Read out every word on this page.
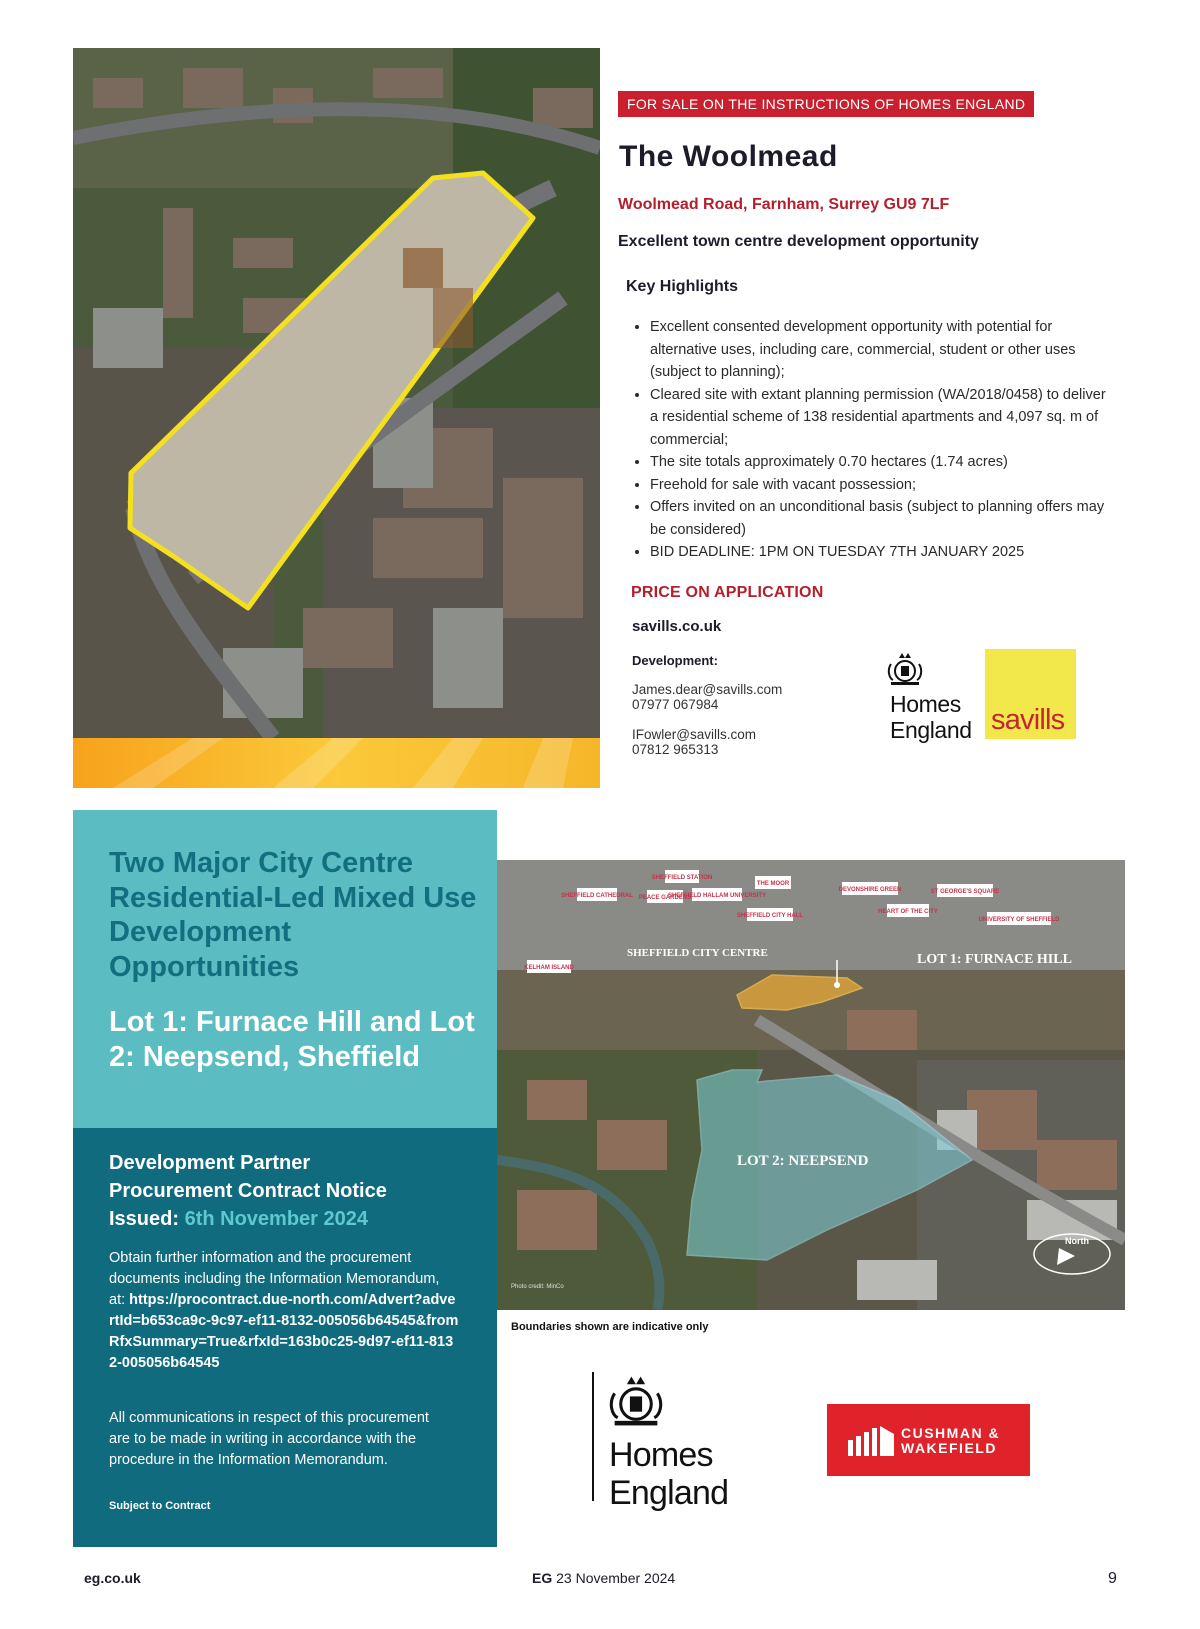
FOR SALE ON THE INSTRUCTIONS OF HOMES ENGLAND
The Woolmead
Woolmead Road, Farnham, Surrey GU9 7LF
Excellent town centre development opportunity
Key Highlights
• Excellent consented development opportunity with potential for alternative uses, including care, commercial, student or other uses (subject to planning);
• Cleared site with extant planning permission (WA/2018/0458) to deliver a residential scheme of 138 residential apartments and 4,097 sq. m of commercial;
• The site totals approximately 0.70 hectares (1.74 acres)
• Freehold for sale with vacant possession;
• Offers invited on an unconditional basis (subject to planning offers may be considered)
• BID DEADLINE: 1PM ON TUESDAY 7TH JANUARY 2025
PRICE ON APPLICATION
savills.co.uk
Development:
James.dear@savills.com
07977 067984
IFowler@savills.com
07812 965313
Homes
England savills
Two Major City Centre Residential-Led Mixed Use Development Opportunities
Lot 1: Furnace Hill and Lot 2: Neepsend, Sheffield
Development Partner
Procurement Contract Notice
Issued: 6th November 2024
Obtain further information and the procurement documents including the Information Memorandum, at: https://procontract.due-north.com/Advert?advertId=b653ca9c-9c97-ef11-8132-005056b64545&fromRfxSummary=True&rfxId=163b0c25-9d97-ef11-8132-005056b64545
All communications in respect of this procurement are to be made in writing in accordance with the procedure in the Information Memorandum.
Subject to Contract
SHEFFIELD STATION
SHEFFIELD CATHEDRAL PEACE GARDENS
SHEFFIELD HALLAM UNIVERSITY
THE MOOR
SHEFFIELD CITY HALL
DEVONSHIRE GREEN
HEART OF THE CITY
ST GEORGE'S SQUARE
UNIVERSITY OF SHEFFIELD
KELHAM ISLAND
SHEFFIELD CITY CENTRE	LOT 1: FURNACE HILL
LOT 2: NEEPSEND
North
Photo credit: MinCo
Boundaries shown are indicative only
Homes
England
CUSHMAN &
WAKEFIELD
eg.co.uk	EG 23 November 2024	9
